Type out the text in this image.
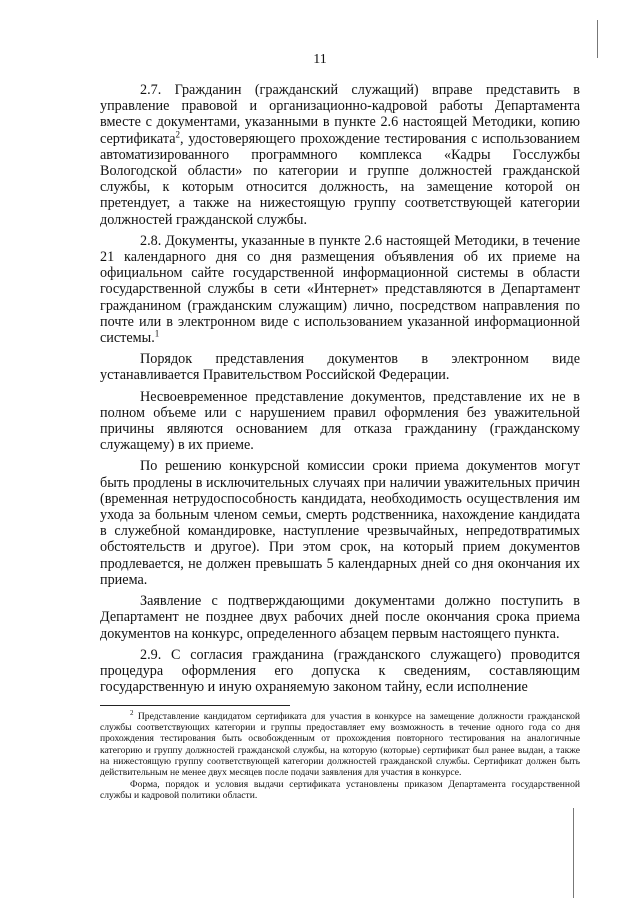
11

2.7. Гражданин (гражданский служащий) вправе представить в управление правовой и организационно-кадровой работы Департамента вместе с документами, указанными в пункте 2.6 настоящей Методики, копию сертификата$^2$, удостоверяющего прохождение тестирования с использованием автоматизированного программного комплекса «Кадры Госслужбы Вологодской области» по категории и группе должностей гражданской службы, к которым относится должность, на замещение которой он претендует, а также на нижестоящую группу соответствующей категории должностей гражданской службы.

2.8. Документы, указанные в пункте 2.6 настоящей Методики, в течение 21 календарного дня со дня размещения объявления об их приеме на официальном сайте государственной информационной системы в области государственной службы в сети «Интернет» представляются в Департамент гражданином (гражданским служащим) лично, посредством направления по почте или в электронном виде с использованием указанной информационной системы.$^1$

Порядок представления документов в электронном виде устанавливается Правительством Российской Федерации.

Несвоевременное представление документов, представление их не в полном объеме или с нарушением правил оформления без уважительной причины являются основанием для отказа гражданину (гражданскому служащему) в их приеме.

По решению конкурсной комиссии сроки приема документов могут быть продлены в исключительных случаях при наличии уважительных причин (временная нетрудоспособность кандидата, необходимость осуществления им ухода за больным членом семьи, смерть родственника, нахождение кандидата в служебной командировке, наступление чрезвычайных, непредотвратимых обстоятельств и другое). При этом срок, на который прием документов продлевается, не должен превышать 5 календарных дней со дня окончания их приема.

Заявление с подтверждающими документами должно поступить в Департамент не позднее двух рабочих дней после окончания срока приема документов на конкурс, определенного абзацем первым настоящего пункта.

2.9. С согласия гражданина (гражданского служащего) проводится процедура оформления его допуска к сведениям, составляющим государственную и иную охраняемую законом тайну, если исполнение

$^2$ Представление кандидатом сертификата для участия в конкурсе на замещение должности гражданской службы соответствующих категории и группы предоставляет ему возможность в течение одного года со дня прохождения тестирования быть освобожденным от прохождения повторного тестирования на аналогичные категорию и группу должностей гражданской службы, на которую (которые) сертификат был ранее выдан, а также на нижестоящую группу соответствующей категории должностей гражданской службы. Сертификат должен быть действительным не менее двух месяцев после подачи заявления для участия в конкурсе.

Форма, порядок и условия выдачи сертификата установлены приказом Департамента государственной службы и кадровой политики области.
